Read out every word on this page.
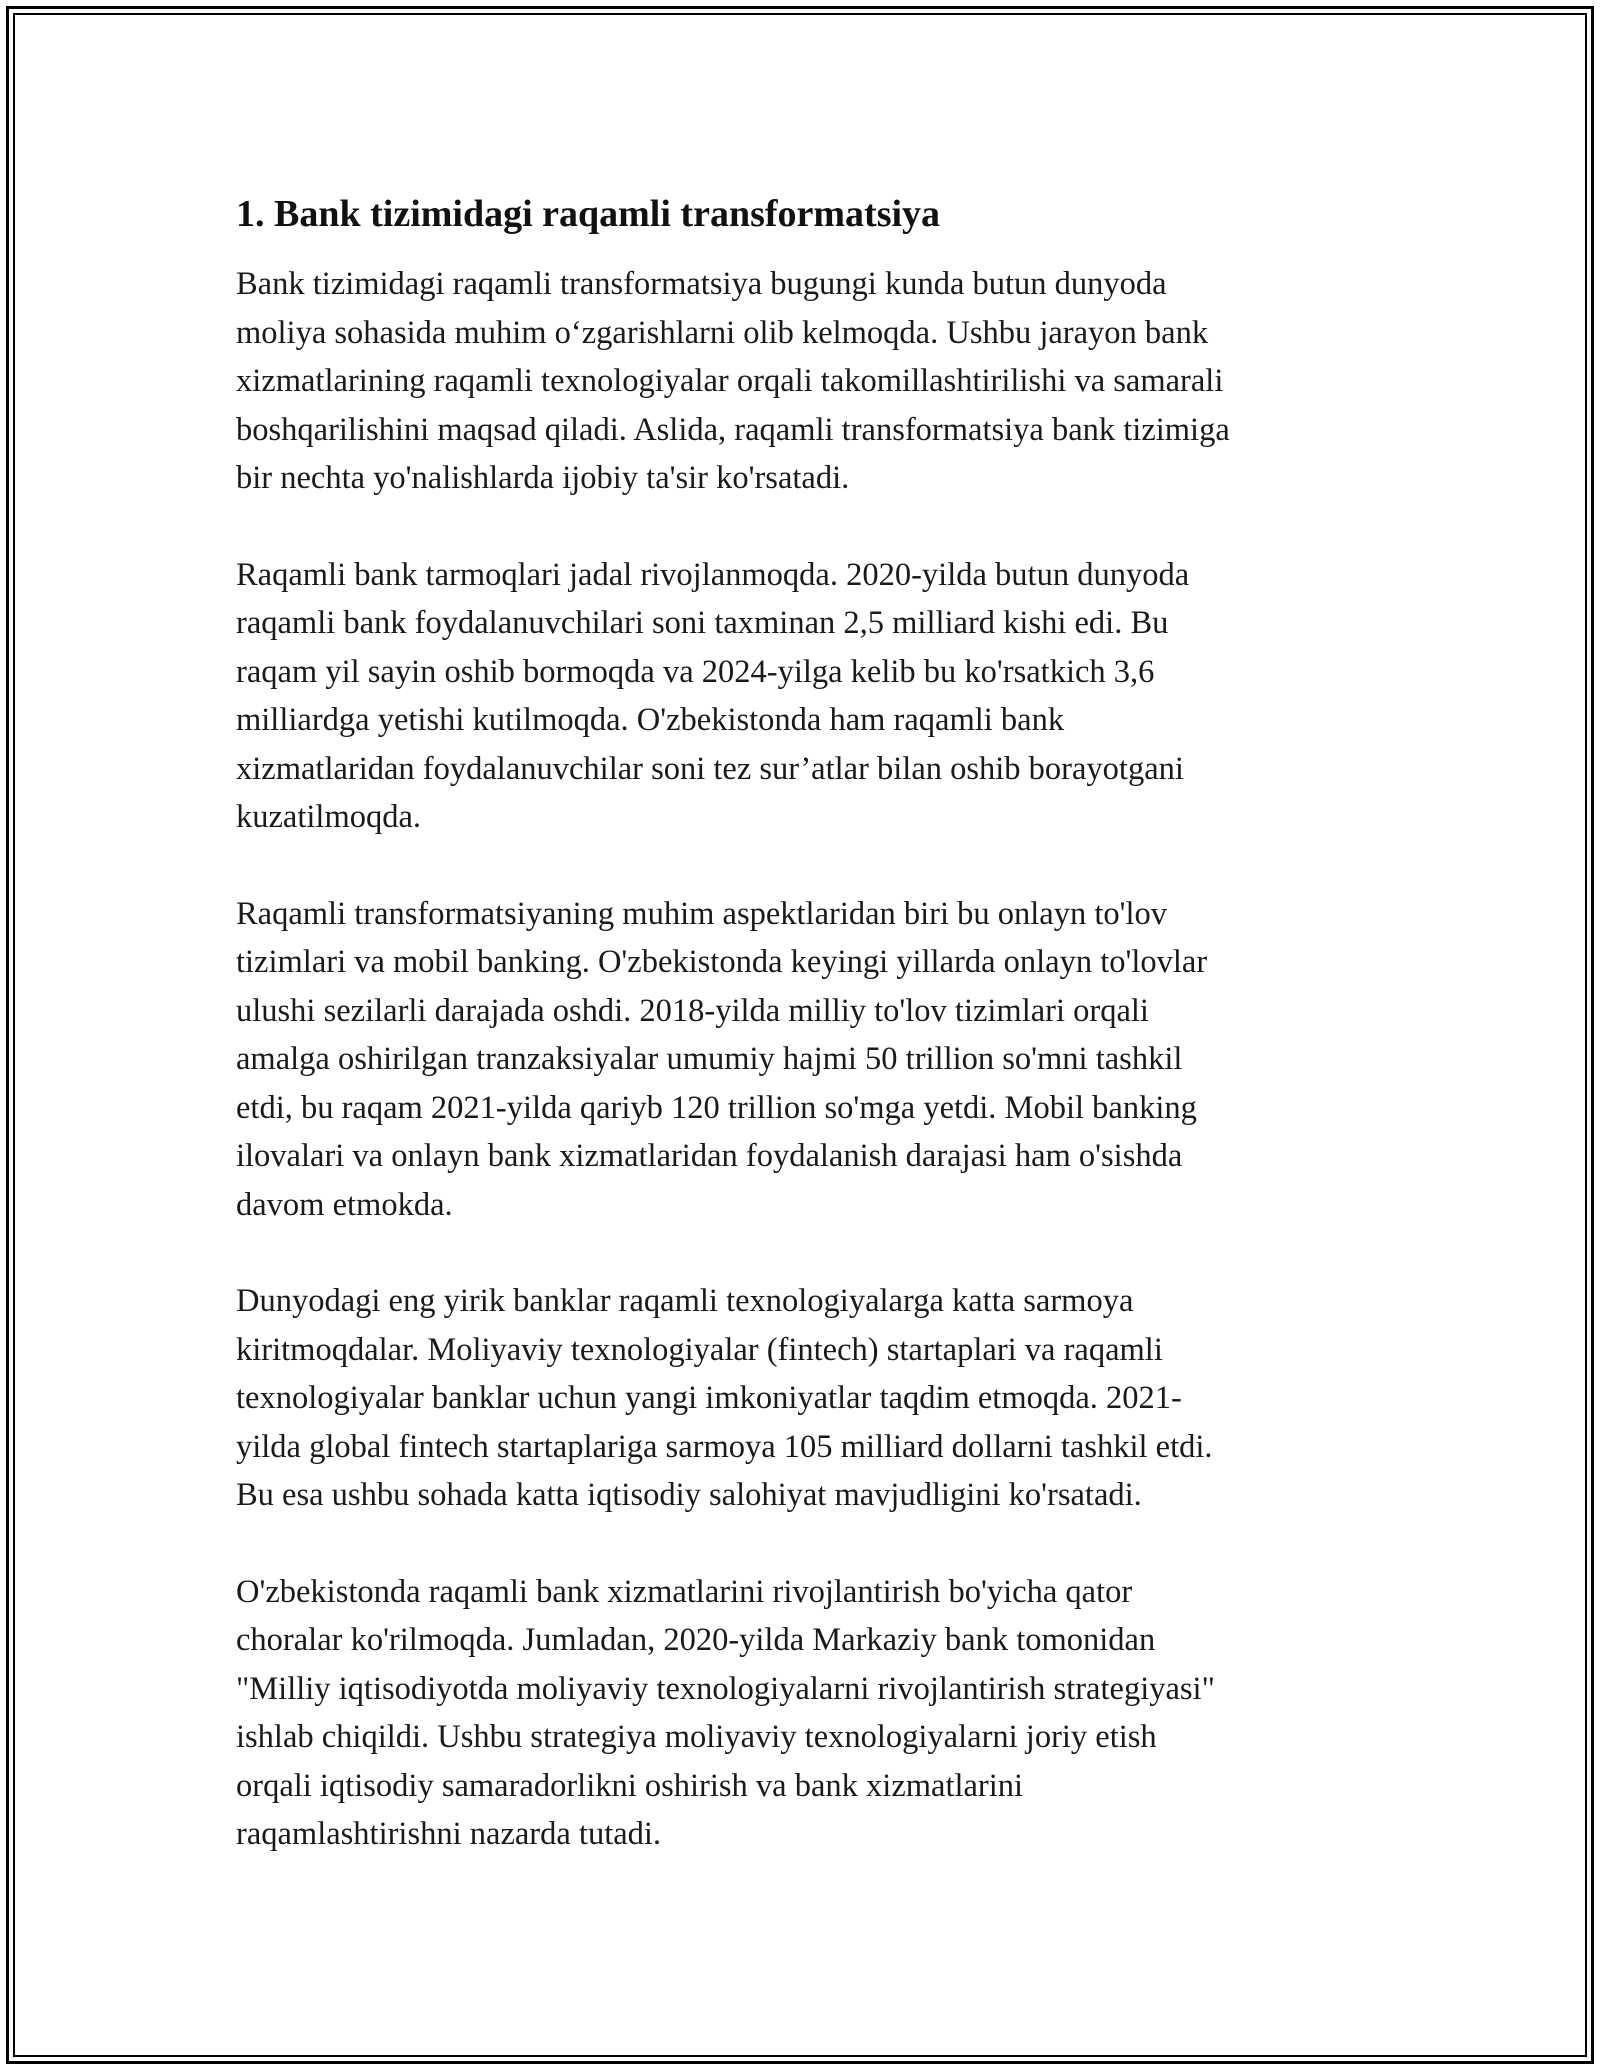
1. Bank tizimidagi raqamli transformatsiya

Bank tizimidagi raqamli transformatsiya bugungi kunda butun dunyoda
moliya sohasida muhim o‘zgarishlarni olib kelmoqda. Ushbu jarayon bank
xizmatlarining raqamli texnologiyalar orqali takomillashtirilishi va samarali
boshqarilishini maqsad qiladi. Aslida, raqamli transformatsiya bank tizimiga
bir nechta yo'nalishlarda ijobiy ta'sir ko'rsatadi.

Raqamli bank tarmoqlari jadal rivojlanmoqda. 2020-yilda butun dunyoda
raqamli bank foydalanuvchilari soni taxminan 2,5 milliard kishi edi. Bu
raqam yil sayin oshib bormoqda va 2024-yilga kelib bu ko'rsatkich 3,6
milliardga yetishi kutilmoqda. O'zbekistonda ham raqamli bank
xizmatlaridan foydalanuvchilar soni tez sur’atlar bilan oshib borayotgani
kuzatilmoqda.

Raqamli transformatsiyaning muhim aspektlaridan biri bu onlayn to'lov
tizimlari va mobil banking. O'zbekistonda keyingi yillarda onlayn to'lovlar
ulushi sezilarli darajada oshdi. 2018-yilda milliy to'lov tizimlari orqali
amalga oshirilgan tranzaksiyalar umumiy hajmi 50 trillion so'mni tashkil
etdi, bu raqam 2021-yilda qariyb 120 trillion so'mga yetdi. Mobil banking
ilovalari va onlayn bank xizmatlaridan foydalanish darajasi ham o'sishda
davom etmokda.

Dunyodagi eng yirik banklar raqamli texnologiyalarga katta sarmoya
kiritmoqdalar. Moliyaviy texnologiyalar (fintech) startaplari va raqamli
texnologiyalar banklar uchun yangi imkoniyatlar taqdim etmoqda. 2021-
yilda global fintech startaplariga sarmoya 105 milliard dollarni tashkil etdi.
Bu esa ushbu sohada katta iqtisodiy salohiyat mavjudligini ko'rsatadi.

O'zbekistonda raqamli bank xizmatlarini rivojlantirish bo'yicha qator
choralar ko'rilmoqda. Jumladan, 2020-yilda Markaziy bank tomonidan
"Milliy iqtisodiyotda moliyaviy texnologiyalarni rivojlantirish strategiyasi"
ishlab chiqildi. Ushbu strategiya moliyaviy texnologiyalarni joriy etish
orqali iqtisodiy samaradorlikni oshirish va bank xizmatlarini
raqamlashtirishni nazarda tutadi.
